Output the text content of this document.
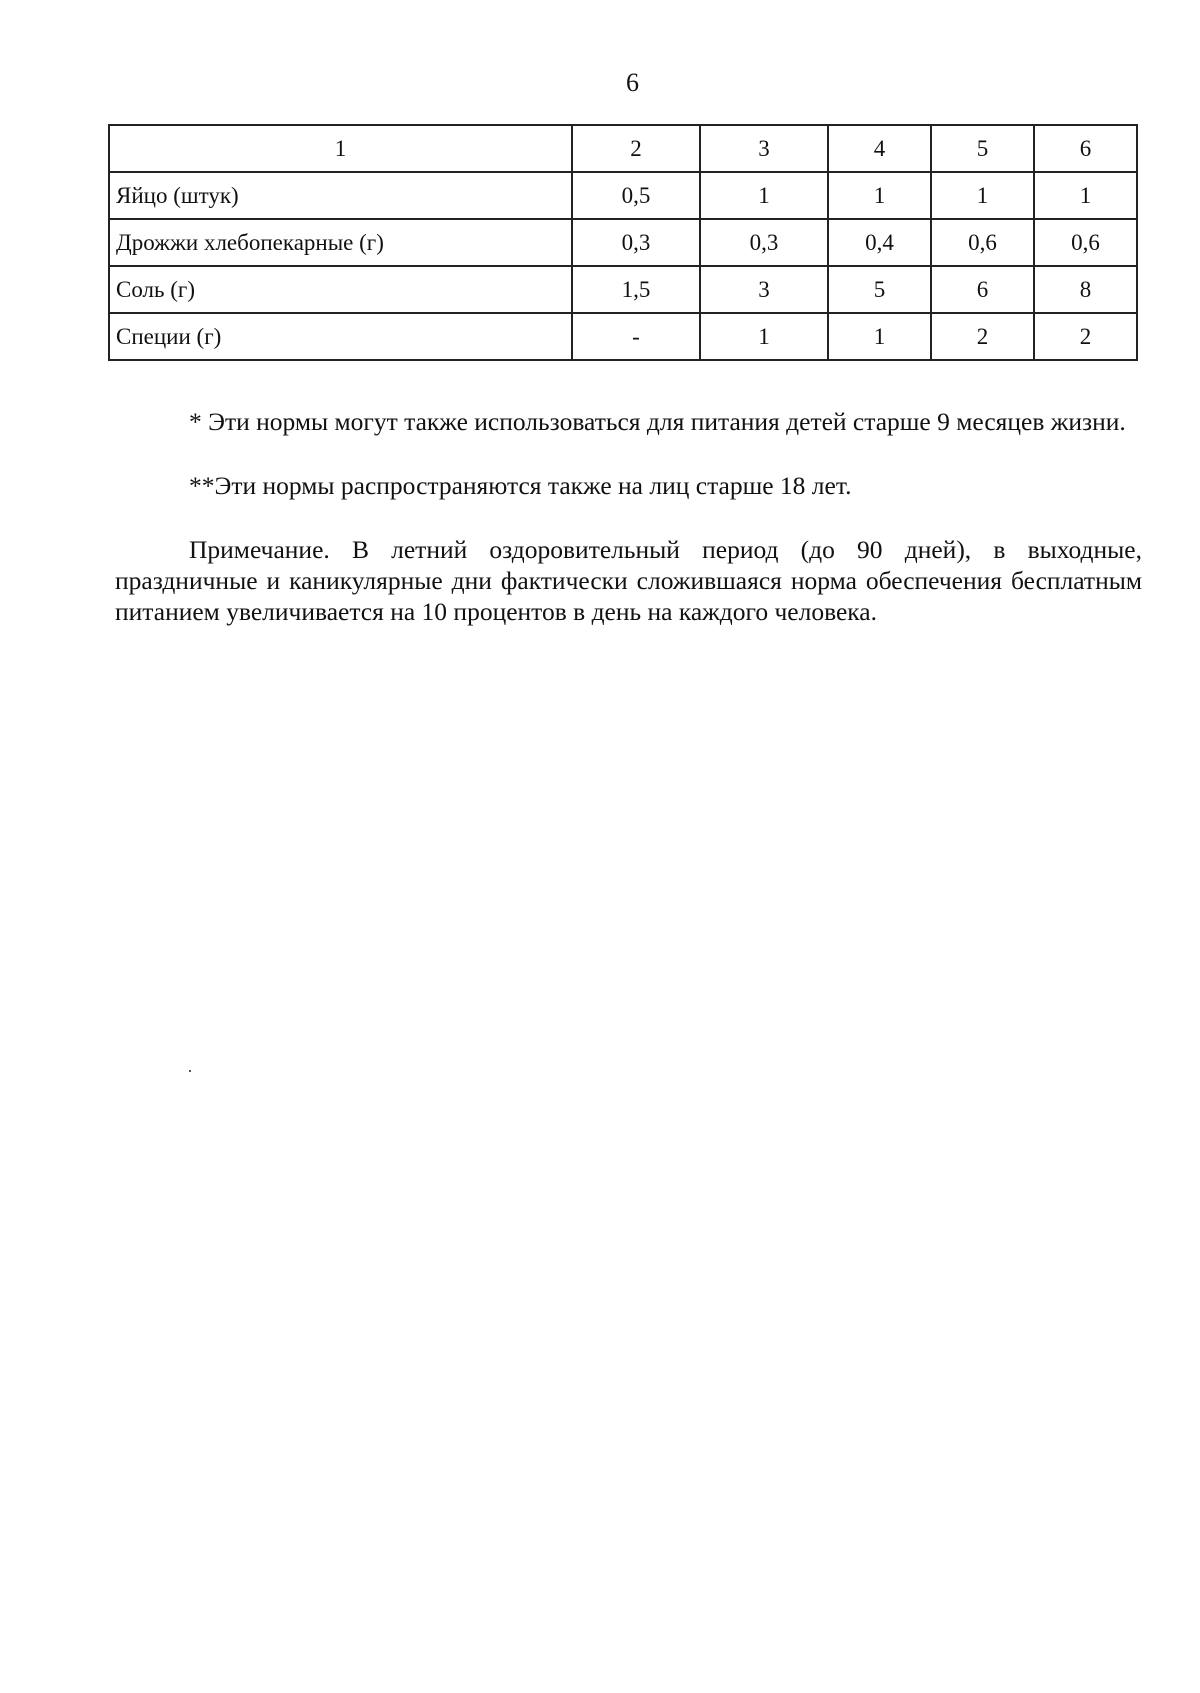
6
1	2	3	4	5	6
Яйцо (штук)	0,5	1	1	1	1
Дрожжи хлебопекарные (г)	0,3	0,3	0,4	0,6	0,6
Соль (г)	1,5	3	5	6	8
Специи (г)	-	1	1	2	2

* Эти нормы могут также использоваться для питания детей старше 9 месяцев жизни.

**Эти нормы распространяются также на лиц старше 18 лет.

Примечание. В летний оздоровительный период (до 90 дней), в выходные, праздничные и каникулярные дни фактически сложившаяся норма обеспечения бесплатным питанием увеличивается на 10 процентов в день на каждого человека.
